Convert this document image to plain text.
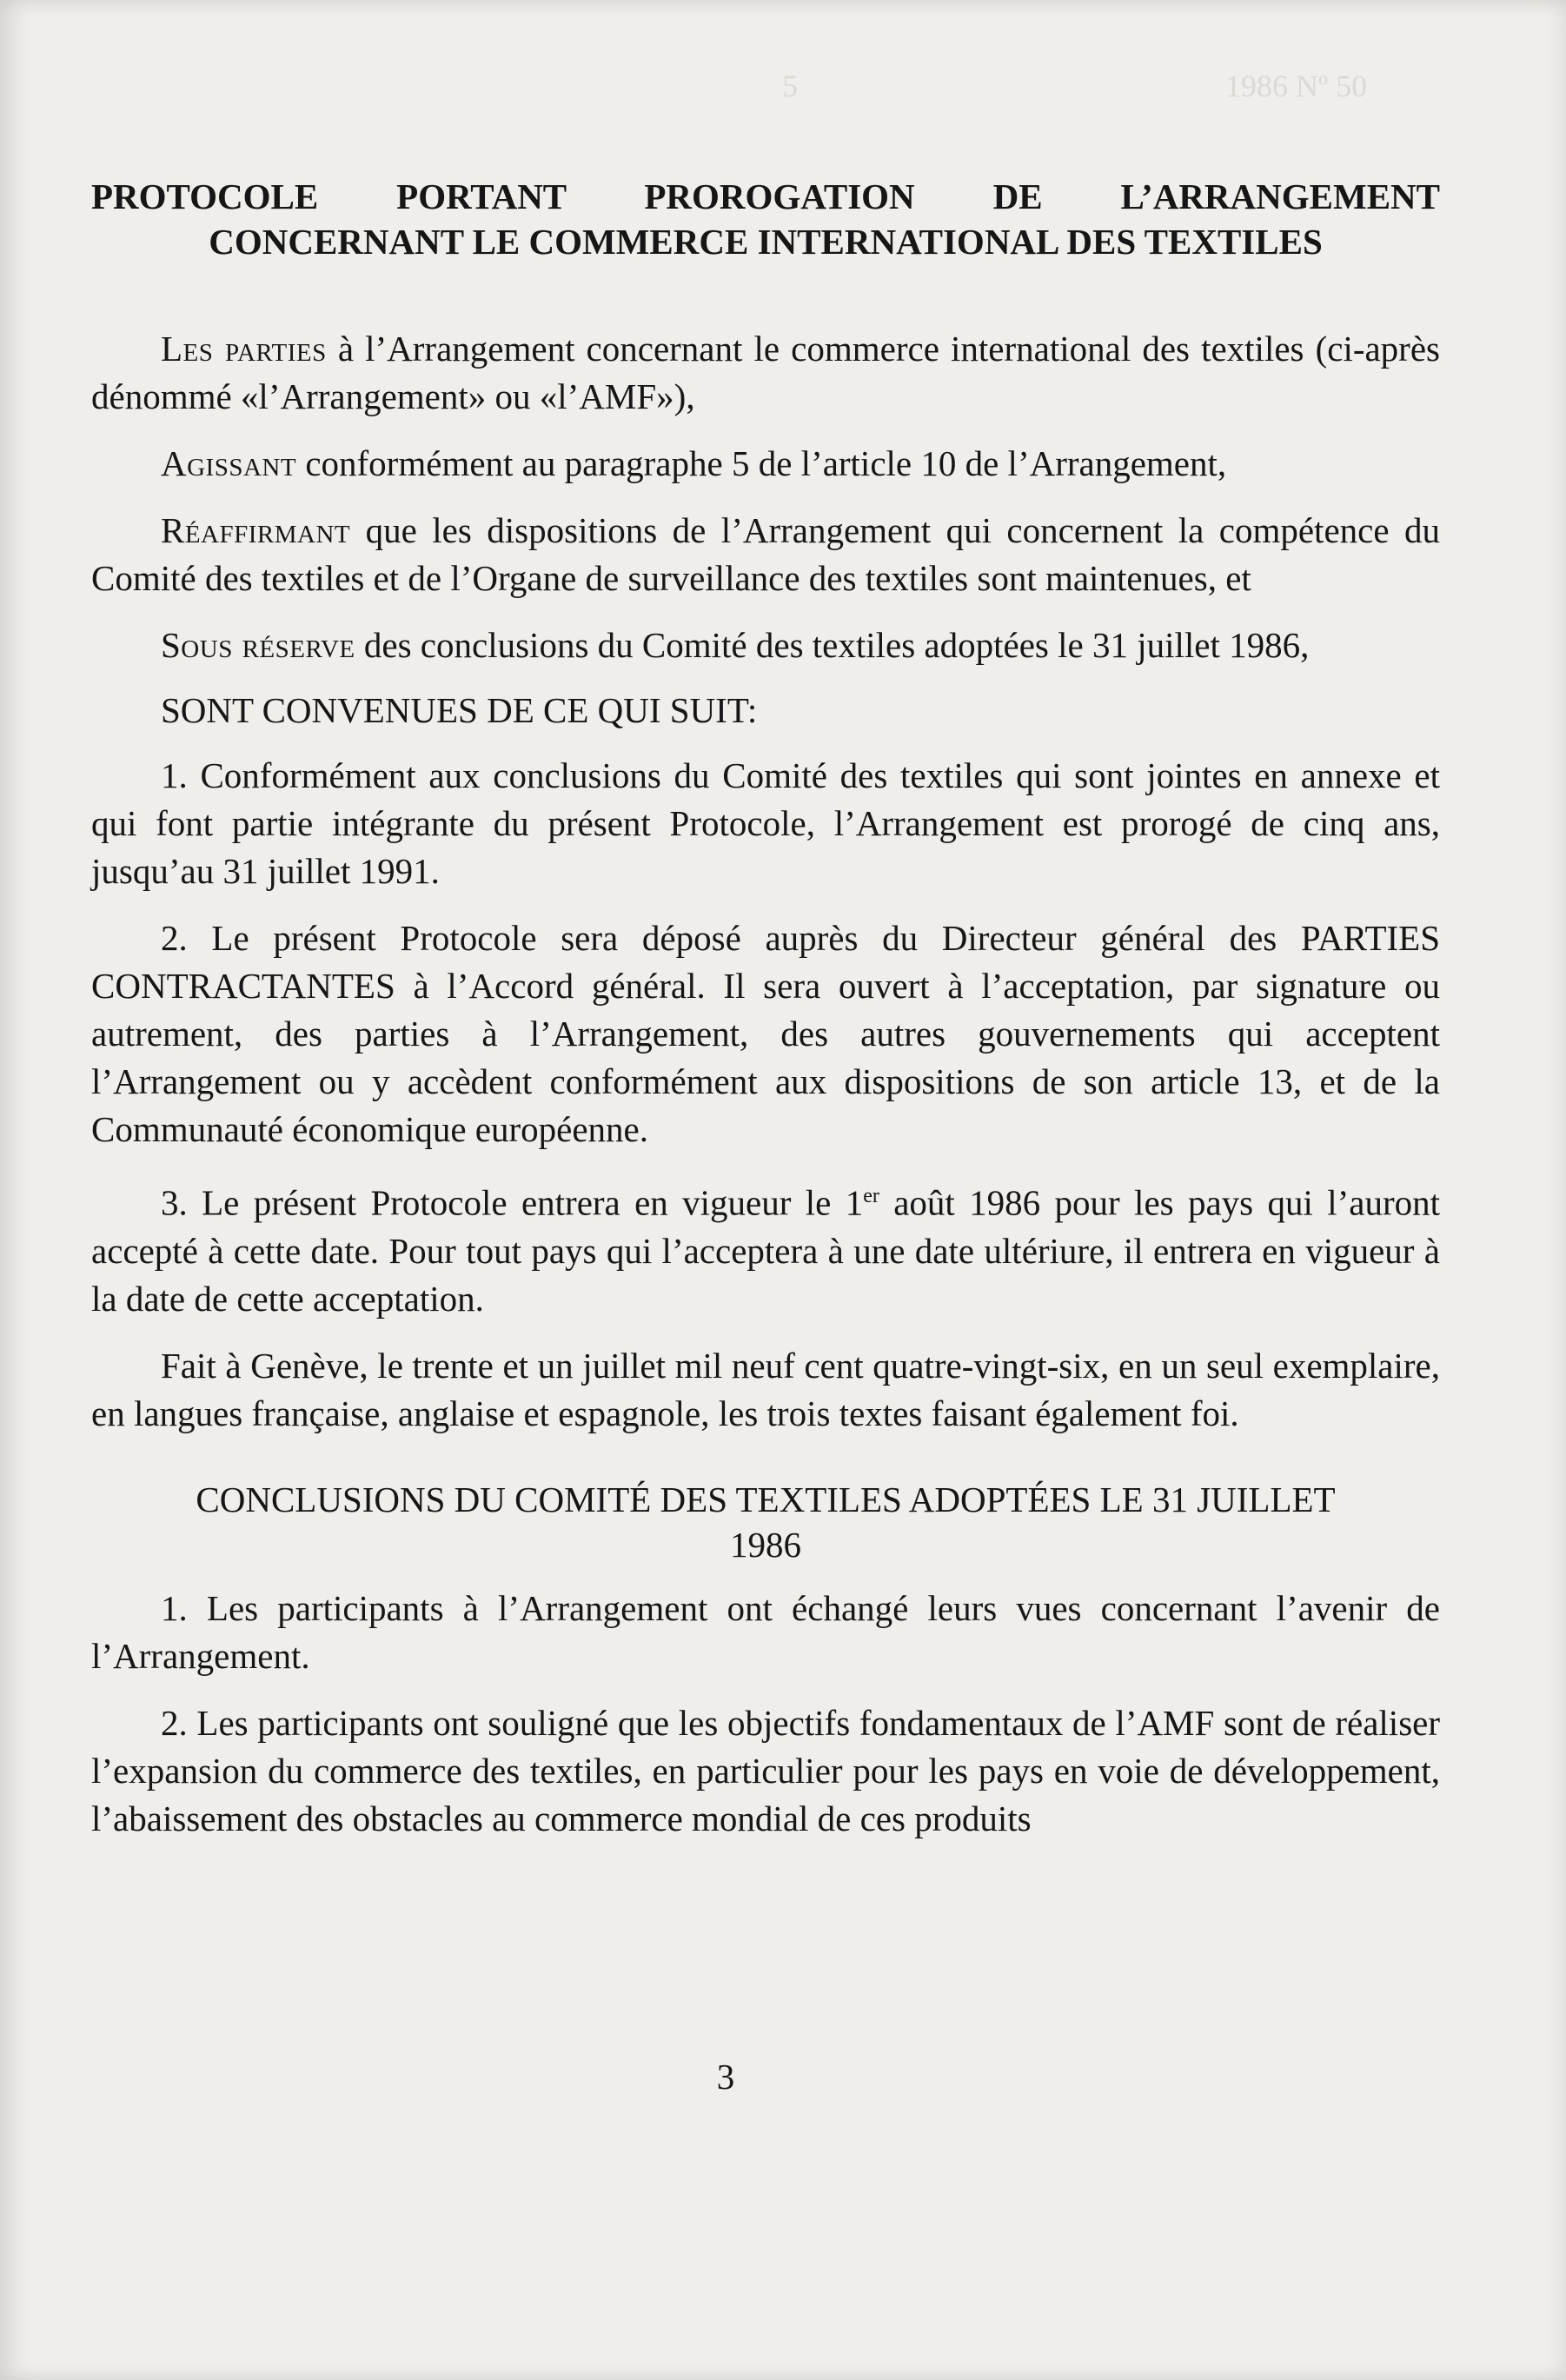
5	1986 Nº 50
PROTOCOLE PORTANT PROROGATION DE L’ARRANGEMENT
CONCERNANT LE COMMERCE INTERNATIONAL DES TEXTILES

Les parties à l’Arrangement concernant le commerce international des textiles (ci-après dénommé «l’Arrangement» ou «l’AMF»),

Agissant conformément au paragraphe 5 de l’article 10 de l’Arrangement,

Réaffirmant que les dispositions de l’Arrangement qui concernent la compétence du Comité des textiles et de l’Organe de surveillance des textiles sont maintenues, et

Sous réserve des conclusions du Comité des textiles adoptées le 31 juillet 1986,

SONT CONVENUES DE CE QUI SUIT:

1. Conformément aux conclusions du Comité des textiles qui sont jointes en annexe et qui font partie intégrante du présent Protocole, l’Arrangement est prorogé de cinq ans, jusqu’au 31 juillet 1991.

2. Le présent Protocole sera déposé auprès du Directeur général des PARTIES CONTRACTANTES à l’Accord général. Il sera ouvert à l’acceptation, par signature ou autrement, des parties à l’Arrangement, des autres gouvernements qui acceptent l’Arrangement ou y accèdent conformément aux dispositions de son article 13, et de la Communauté économique européenne.

3. Le présent Protocole entrera en vigueur le 1er août 1986 pour les pays qui l’auront accepté à cette date. Pour tout pays qui l’acceptera à une date ultériure, il entrera en vigueur à la date de cette acceptation.

Fait à Genève, le trente et un juillet mil neuf cent quatre-vingt-six, en un seul exemplaire, en langues française, anglaise et espagnole, les trois textes faisant également foi.

CONCLUSIONS DU COMITÉ DES TEXTILES ADOPTÉES LE 31 JUILLET
1986

1. Les participants à l’Arrangement ont échangé leurs vues concernant l’avenir de l’Arrangement.

2. Les participants ont souligné que les objectifs fondamentaux de l’AMF sont de réaliser l’expansion du commerce des textiles, en particulier pour les pays en voie de développement, l’abaissement des obstacles au commerce mondial de ces produits

3
